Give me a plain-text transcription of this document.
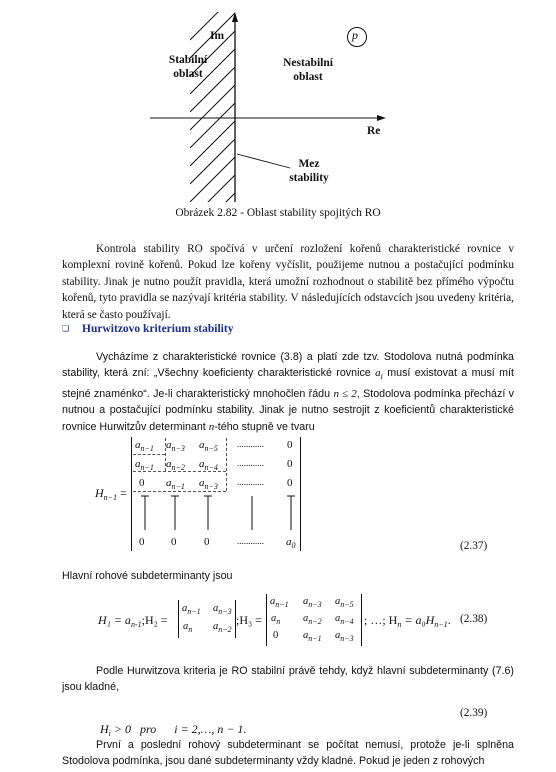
Im
Re
p
Stabilní
oblast
Nestabilní
oblast
Mez
stability
Obrázek 2.82 - Oblast stability spojitých RO
Kontrola stability RO spočívá v určení rozložení kořenů charakteristické rovnice v komplexní rovině kořenů. Pokud lze kořeny vyčíslit, použijeme nutnou a postačující podmínku stability. Jinak je nutno použít pravidla, která umožní rozhodnout o stabilitě bez přímého výpočtu kořenů, tyto pravidla se nazývají kritéria stability. V následujících odstavcích jsou uvedeny kritéria, která se často používají.
❑ Hurwitzovo kriterium stability
Vycházíme z charakteristické rovnice (3.8) a platí zde tzv. Stodolova nutná podmínka stability, která zní: „Všechny koeficienty charakteristické rovnice $a_i$ musí existovat a musí mít stejné znaménko“. Je-li charakteristický mnohočlen řádu n ≤ 2, Stodolova podmínka přechází v nutnou a postačující podmínku stability. Jinak je nutno sestrojit z koeficientů charakteristické rovnice Hurwitzův determinant n-tého stupně ve tvaru
$H_{n-1}$ =
$a_{n-1}$ $a_{n-3}$ $a_{n-5}$ ............ 0
$a_{n-1}$ $a_{n-2}$ $a_{n-4}$ ............ 0
0 $a_{n-1}$ $a_{n-3}$ ............ 0
0 0	0	............ $a_0$	(2.37)
Hlavní rohové subdeterminanty jsou
$H_1 = a_{n-1};H_2$ =
$a_{n-1}$ $a_{n-3}$
$a_n$ $a_{n-2}$
;H₃ =
$a_{n-1}$ $a_{n-3}$ $a_{n-5}$
$a_n$ $a_{n-2}$ $a_{n-4}$
0 $a_{n-1}$ $a_{n-3}$
; …; $H_n = a_0H_{n-1}$. (2.38)
Podle Hurwitzova kriteria je RO stabilní právě tehdy, když hlavní subdeterminanty (7.6) jsou kladné,

$H_i > 0$   pro      i = 2,…, n − 1.

(2.39)
První a poslední rohový subdeterminant se počítat nemusí, protože je-li splněna Stodolova podmínka, jsou dané subdeterminanty vždy kladné. Pokud je jeden z rohových
